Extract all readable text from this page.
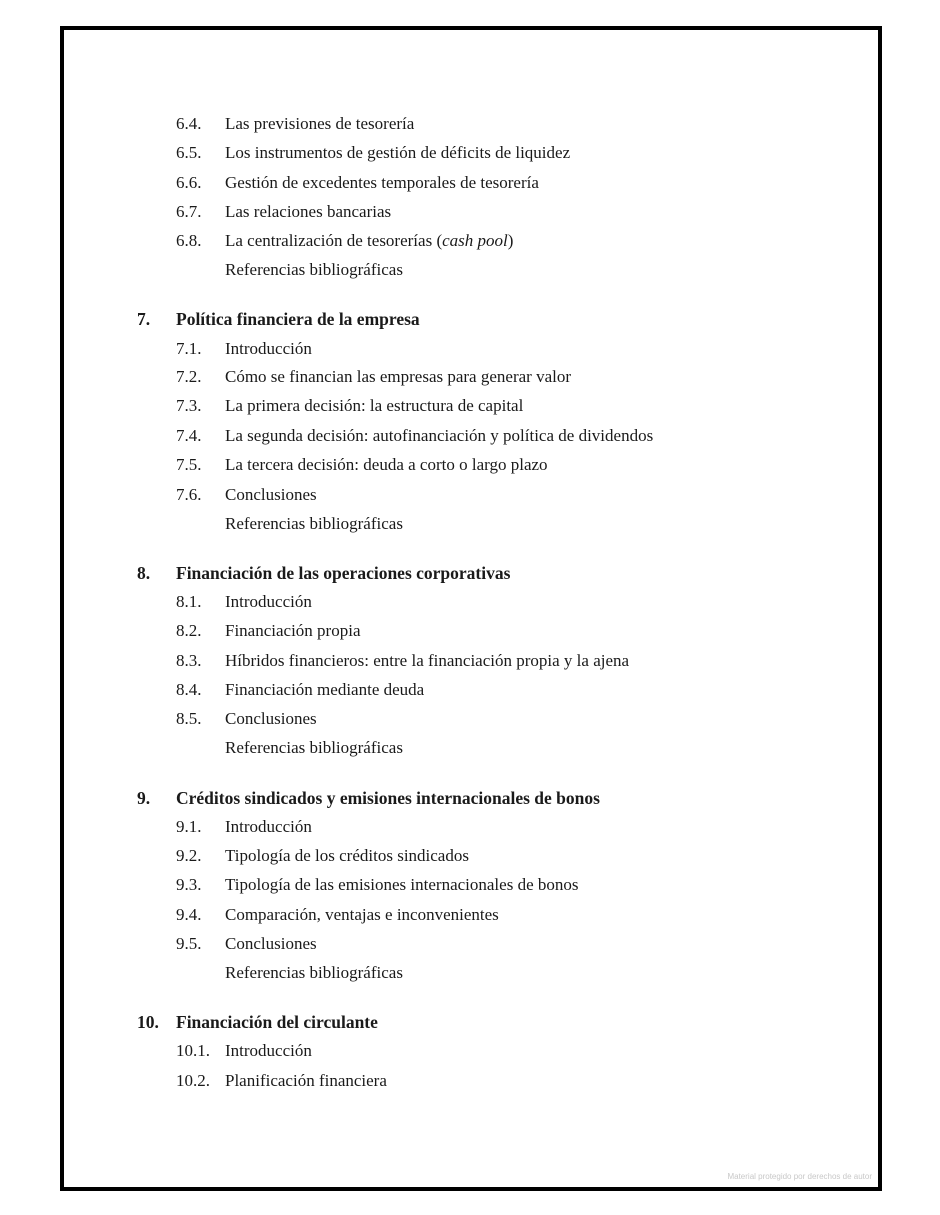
6.4. Las previsiones de tesorería
6.5. Los instrumentos de gestión de déficits de liquidez
6.6. Gestión de excedentes temporales de tesorería
6.7. Las relaciones bancarias
6.8. La centralización de tesorerías (cash pool)
Referencias bibliográficas
7. Política financiera de la empresa
7.1. Introducción
7.2. Cómo se financian las empresas para generar valor
7.3. La primera decisión: la estructura de capital
7.4. La segunda decisión: autofinanciación y política de dividendos
7.5. La tercera decisión: deuda a corto o largo plazo
7.6. Conclusiones
Referencias bibliográficas
8. Financiación de las operaciones corporativas
8.1. Introducción
8.2. Financiación propia
8.3. Híbridos financieros: entre la financiación propia y la ajena
8.4. Financiación mediante deuda
8.5. Conclusiones
Referencias bibliográficas
9. Créditos sindicados y emisiones internacionales de bonos
9.1. Introducción
9.2. Tipología de los créditos sindicados
9.3. Tipología de las emisiones internacionales de bonos
9.4. Comparación, ventajas e inconvenientes
9.5. Conclusiones
Referencias bibliográficas
10. Financiación del circulante
10.1. Introducción
10.2. Planificación financiera
Material protegido por derechos de autor
